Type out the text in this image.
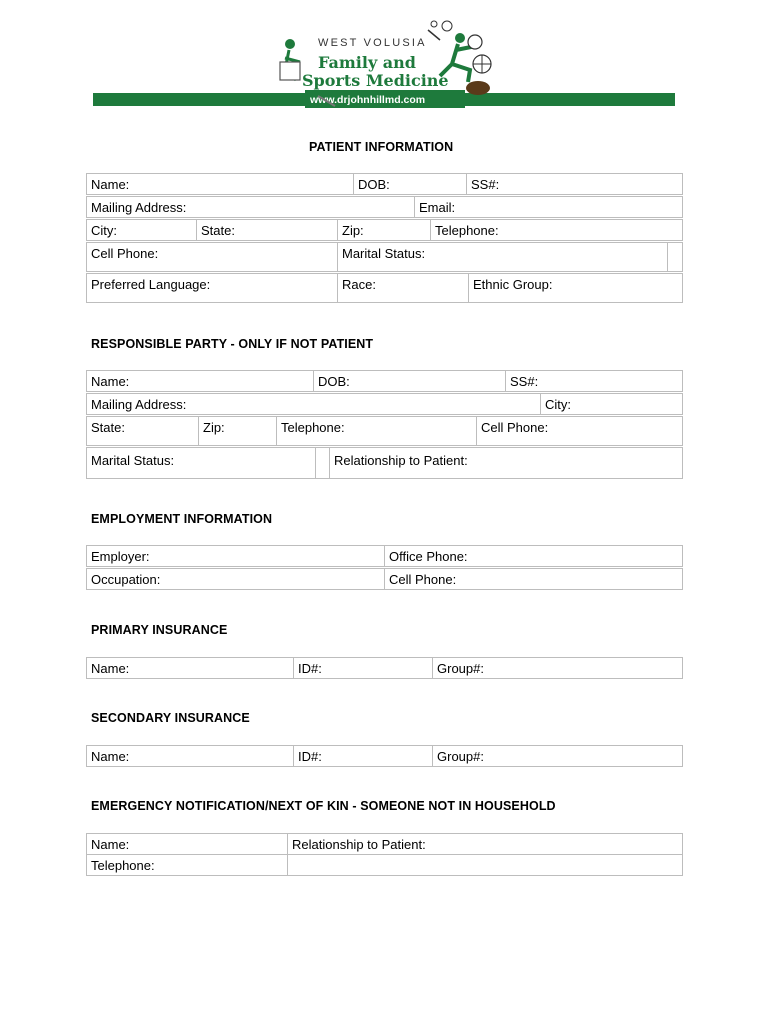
www.drjohnhillmd.com
WEST VOLUSIA
Family and
Sports Medicine
PATIENT INFORMATION
Name:	DOB:	SS#:
Mailing Address:	Email:
City:	State:	Zip:	Telephone:
Cell Phone:	Marital Status:
Preferred Language:	Race:	Ethnic Group:
RESPONSIBLE PARTY - ONLY IF NOT PATIENT
Name:	DOB:	SS#:
Mailing Address:	City:
State:	Zip:	Telephone:	Cell Phone:
Marital Status:	Relationship to Patient:
EMPLOYMENT INFORMATION
Employer:	Office Phone:
Occupation:	Cell Phone:
PRIMARY INSURANCE
Name:	ID#:	Group#:
SECONDARY INSURANCE
Name:	ID#:	Group#:
EMERGENCY NOTIFICATION/NEXT OF KIN - SOMEONE NOT IN HOUSEHOLD
Name:	Relationship to Patient:
Telephone:
